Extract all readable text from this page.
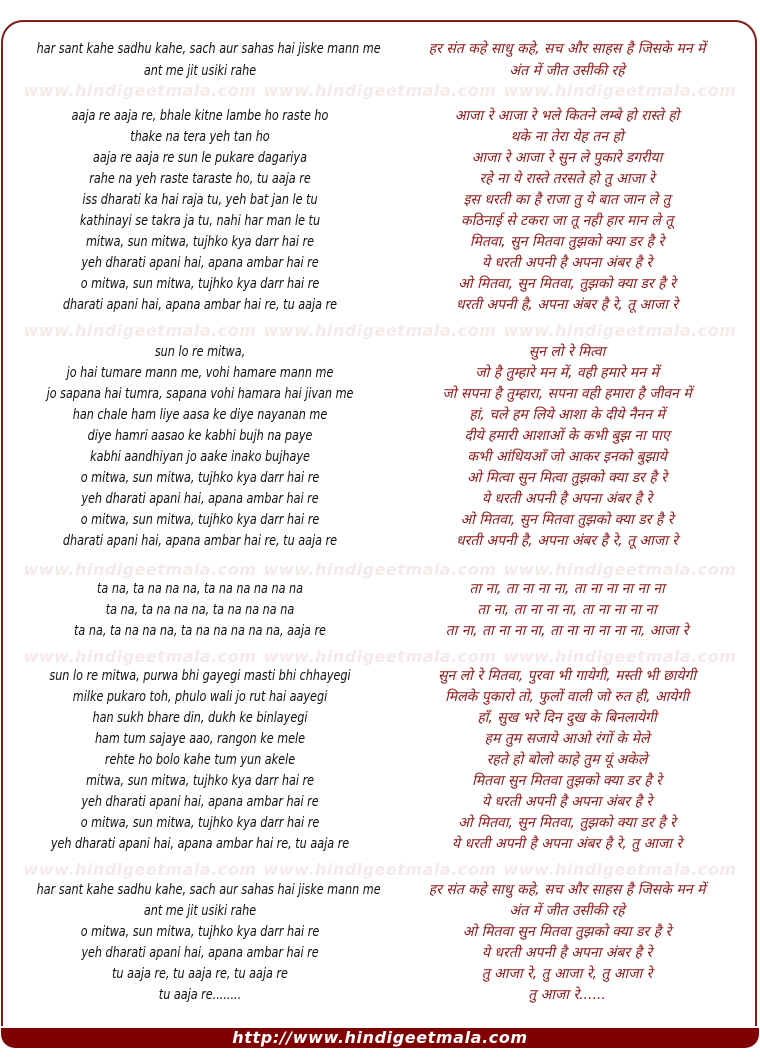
www.hindigeetmala.com www.hindigeetmala.com www.hindigeetmala.com
www.hindigeetmala.com www.hindigeetmala.com www.hindigeetmala.com
www.hindigeetmala.com www.hindigeetmala.com www.hindigeetmala.com
www.hindigeetmala.com www.hindigeetmala.com www.hindigeetmala.com
www.hindigeetmala.com www.hindigeetmala.com www.hindigeetmala.com
har sant kahe sadhu kahe, sach aur sahas hai jiske mann me
ant me jit usiki rahe
aaja re aaja re, bhale kitne lambe ho raste ho
thake na tera yeh tan ho
aaja re aaja re sun le pukare dagariya
rahe na yeh raste taraste ho, tu aaja re
iss dharati ka hai raja tu, yeh bat jan le tu
kathinayi se takra ja tu, nahi har man le tu
mitwa, sun mitwa, tujhko kya darr hai re
yeh dharati apani hai, apana ambar hai re
o mitwa, sun mitwa, tujhko kya darr hai re
dharati apani hai, apana ambar hai re, tu aaja re
sun lo re mitwa,
jo hai tumare mann me, vohi hamare mann me
jo sapana hai tumra, sapana vohi hamara hai jivan me
han chale ham liye aasa ke diye nayanan me
diye hamri aasao ke kabhi bujh na paye
kabhi aandhiyan jo aake inako bujhaye
o mitwa, sun mitwa, tujhko kya darr hai re
yeh dharati apani hai, apana ambar hai re
o mitwa, sun mitwa, tujhko kya darr hai re
dharati apani hai, apana ambar hai re, tu aaja re
ta na, ta na na na, ta na na na na na
ta na, ta na na na, ta na na na na
ta na, ta na na na, ta na na na na na, aaja re
sun lo re mitwa, purwa bhi gayegi masti bhi chhayegi
milke pukaro toh, phulo wali jo rut hai aayegi
han sukh bhare din, dukh ke binlayegi
ham tum sajaye aao, rangon ke mele
rehte ho bolo kahe tum yun akele
mitwa, sun mitwa, tujhko kya darr hai re
yeh dharati apani hai, apana ambar hai re
o mitwa, sun mitwa, tujhko kya darr hai re
yeh dharati apani hai, apana ambar hai re, tu aaja re
har sant kahe sadhu kahe, sach aur sahas hai jiske mann me
ant me jit usiki rahe
o mitwa, sun mitwa, tujhko kya darr hai re
yeh dharati apani hai, apana ambar hai re
tu aaja re, tu aaja re, tu aaja re
tu aaja re........
हर संत कहे साधु कहे, सच और साहस है जिसके मन में
अंत में जीत उसीकी रहे
आजा रे आजा रे भले कितने लम्बे हो रास्ते हो
थके ना तेरा येह तन हो
आजा रे आजा रे सुन ले पुकारे डगरीया
रहे ना ये रास्ते तरसते हो तु आजा रे
इस धरती का है राजा तु ये बात जान ले तु
कठिनाई से टकरा जा तू नही हार मान ले तू
मितवा, सुन मितवा तुझको क्या डर है रे
ये धरती अपनी है अपना अंबर है रे
ओ मितवा, सुन मितवा, तुझको क्या डर है रे
धरती अपनी है, अपना अंबर है रे, तू आजा रे
सुन लो रे मित्वा
जो है तुम्हारे मन में, वही हमारे मन में
जो सपना है तुम्हारा, सपना वही हमारा है जीवन में
हां, चले हम लिये आशा के दीये नैनन में
दीये हमारी आशाओं के कभी बुझ ना पाए
कभी आंधियआँ जो आकर इनको बुझाये
ओ मित्वा सुन मित्वा तुझको क्या डर है रे
ये धरती अपनी है अपना अंबर है रे
ओ मितवा, सुन मितवा तुझको क्या डर है रे
धरती अपनी है, अपना अंबर है रे, तू आजा रे
ता ना, ता ना ना ना, ता ना ना ना ना ना
ता ना, ता ना ना ना, ता ना ना ना ना
ता ना, ता ना ना ना, ता ना ना ना ना ना, आजा रे
सुन लो रे मितवा, पुरवा भी गायेगी, मस्ती भी छायेगी
मिलके पुकारो तो, फुलों वाली जो रुत ही, आयेगी
हाँ, सुख भरे दिन दुख के बिनलायेगी
हम तुम सजाये आओ रंगों के मेले
रहते हो बोलो काहे तुम यूं अकेले
मितवा सुन मितवा तुझको क्या डर है रे
ये धरती अपनी है अपना अंबर है रे
ओ मितवा, सुन मितवा, तुझको क्या डर है रे
ये धरती अपनी है अपना अंबर है रे, तु आजा रे
हर संत कहे साधु कहे, सच और साहस है जिसके मन में
अंत में जीत उसीकी रहे
ओ मितवा सुन मितवा तुझको क्या डर है रे
ये धरती अपनी है अपना अंबर है रे
तु आजा रे, तु आजा रे, तु आजा रे
तु आजा रे......
http://www.hindigeetmala.com
